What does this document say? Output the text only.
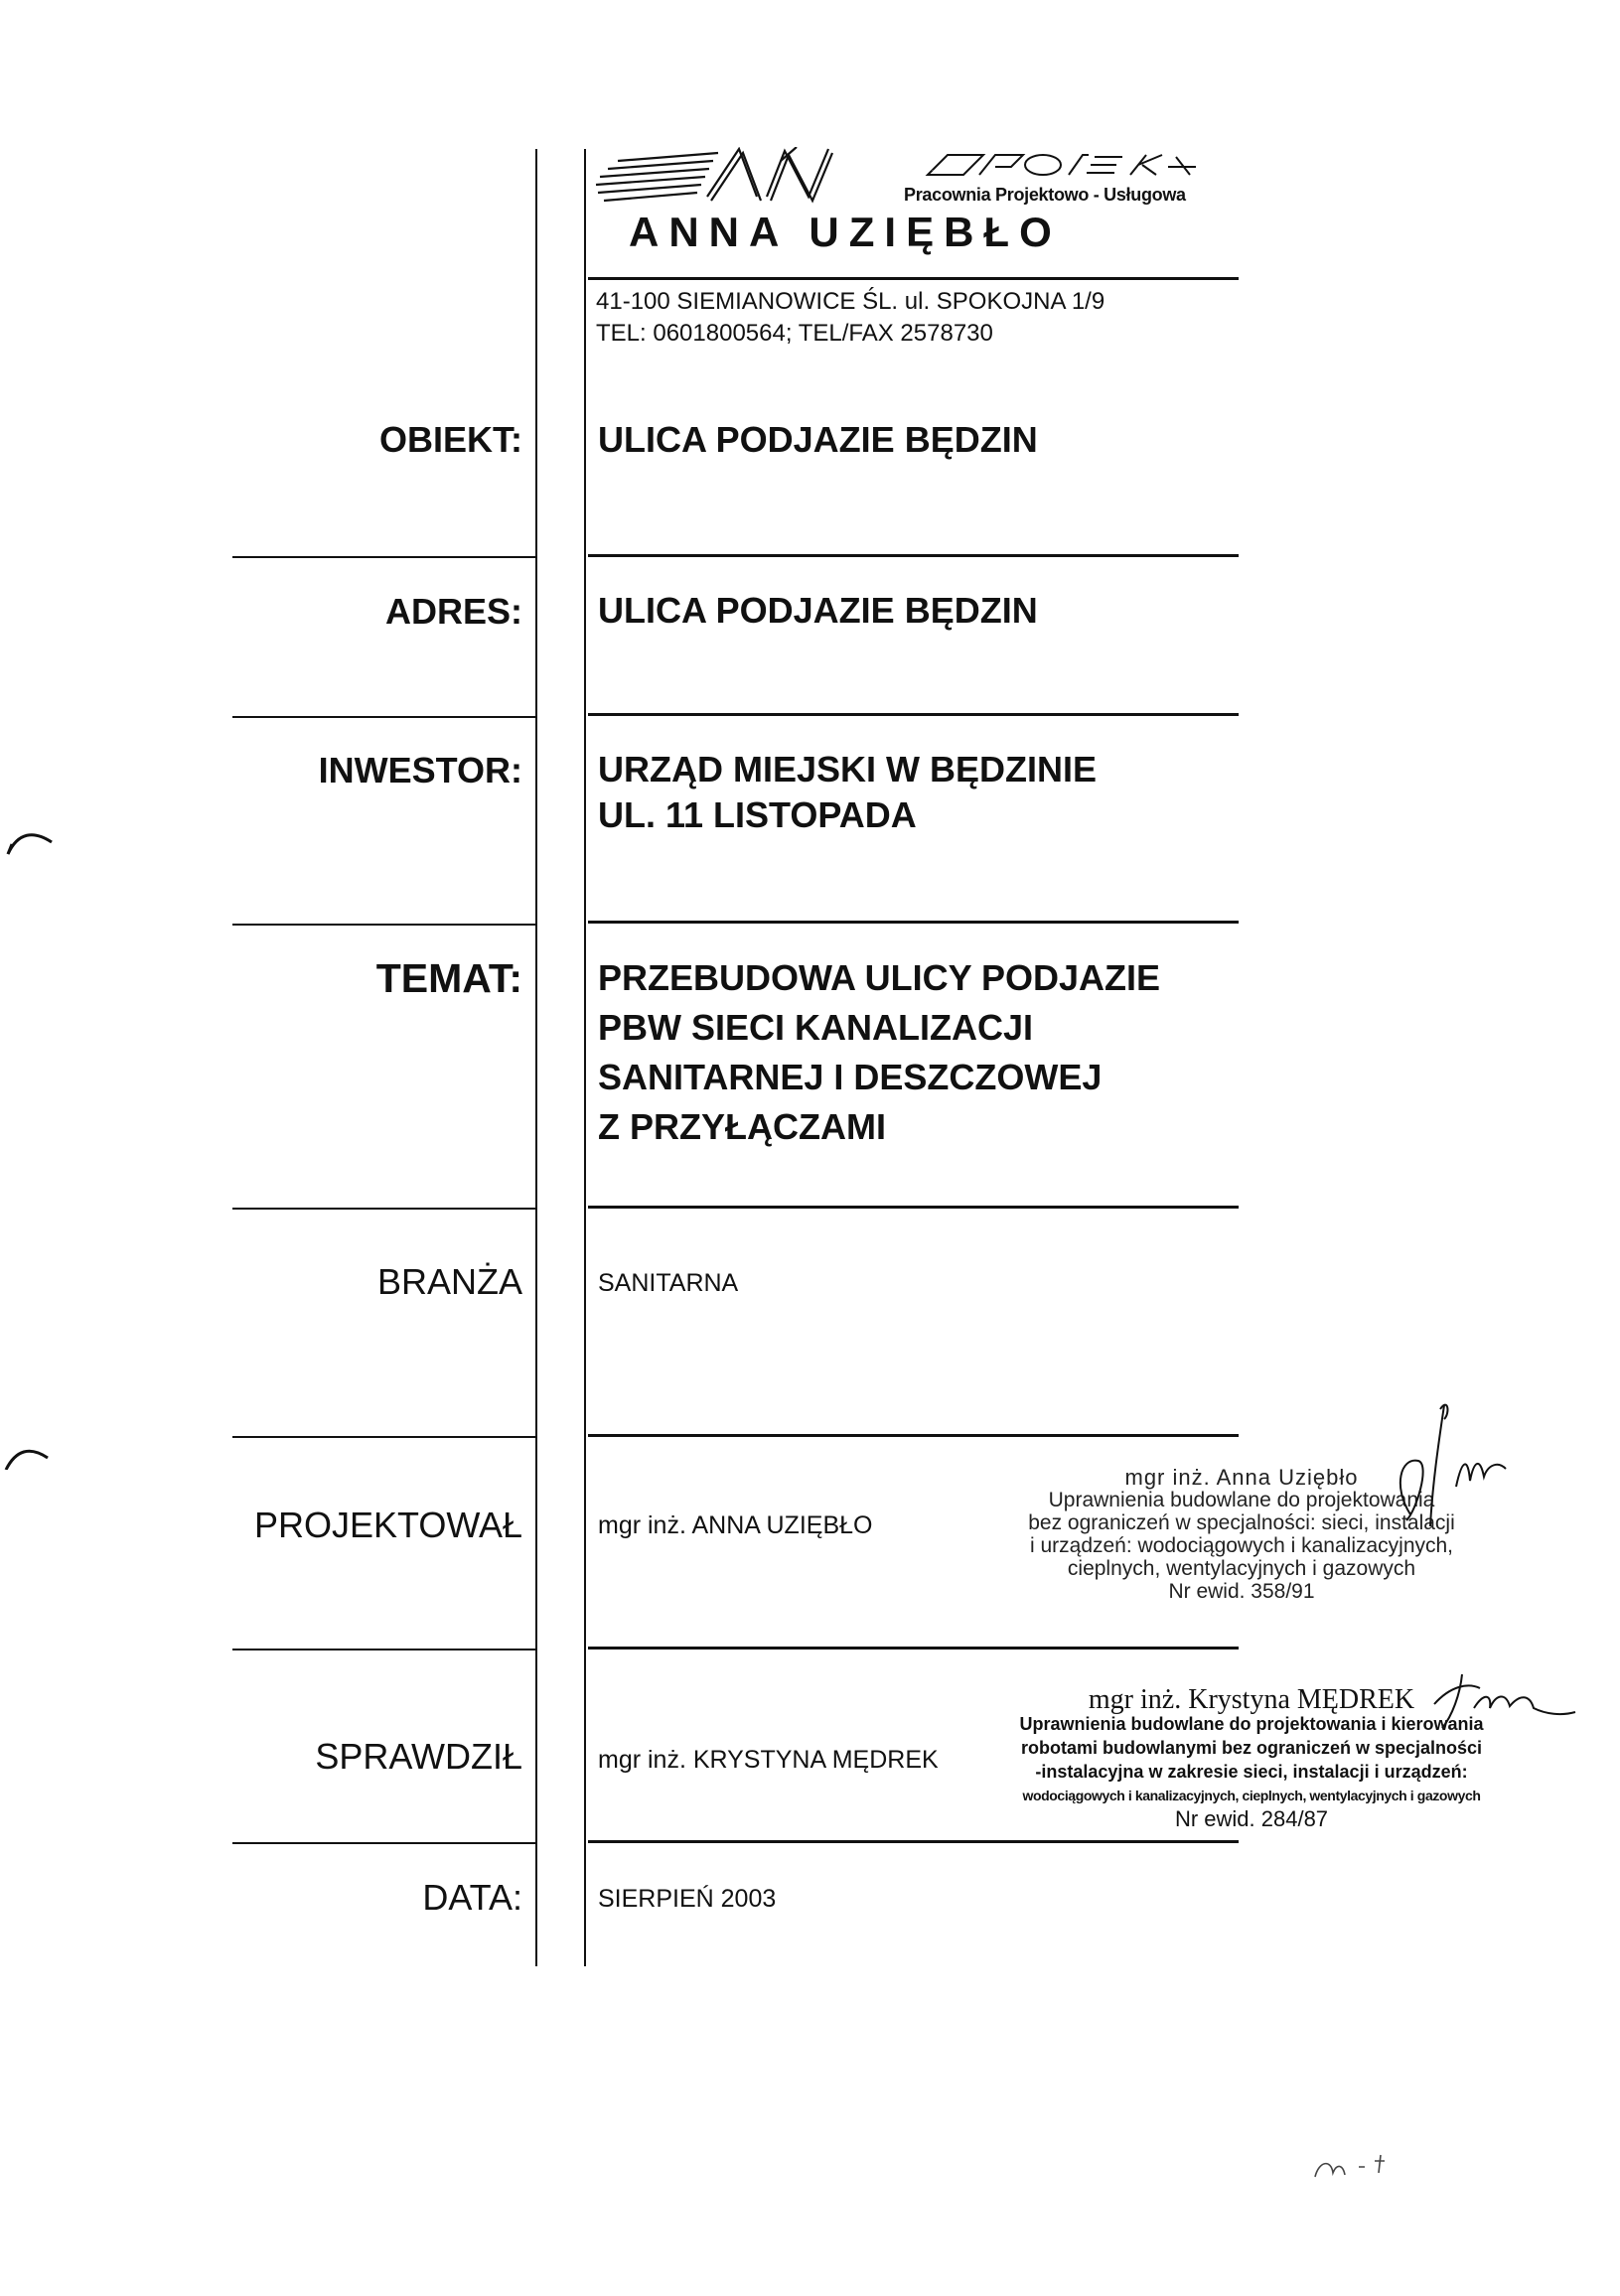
projekt
Pracownia Projektowo - Usługowa
ANNA UZIĘBŁO
41-100 SIEMIANOWICE ŚL. ul. SPOKOJNA 1/9
TEL: 0601800564; TEL/FAX 2578730
OBIEKT: ULICA PODJAZIE BĘDZIN
ADRES: ULICA PODJAZIE BĘDZIN
INWESTOR: URZĄD MIEJSKI W BĘDZINIE
UL. 11 LISTOPADA
TEMAT: PRZEBUDOWA ULICY PODJAZIE
PBW SIECI KANALIZACJI
SANITARNEJ I DESZCZOWEJ
Z PRZYŁĄCZAMI
BRANŻA	SANITARNA
PROJEKTOWAŁ	mgr inż. ANNA UZIĘBŁO
mgr inż. Anna Uziębło
Uprawnienia budowlane do projektowania
bez ograniczeń w specjalności: sieci, instalacji
i urządzeń: wodociągowych i kanalizacyjnych,
cieplnych, wentylacyjnych i gazowych
Nr ewid. 358/91
SPRAWDZIŁ	mgr inż. KRYSTYNA MĘDREK
mgr inż. Krystyna MĘDREK
Uprawnienia budowlane do projektowania i kierowania
robotami budowlanymi bez ograniczeń w specjalności
-instalacyjna w zakresie sieci, instalacji i urządzeń:
wodociągowych i kanalizacyjnych, cieplnych, wentylacyjnych i gazowych
Nr ewid. 284/87
DATA:	SIERPIEŃ 2003
